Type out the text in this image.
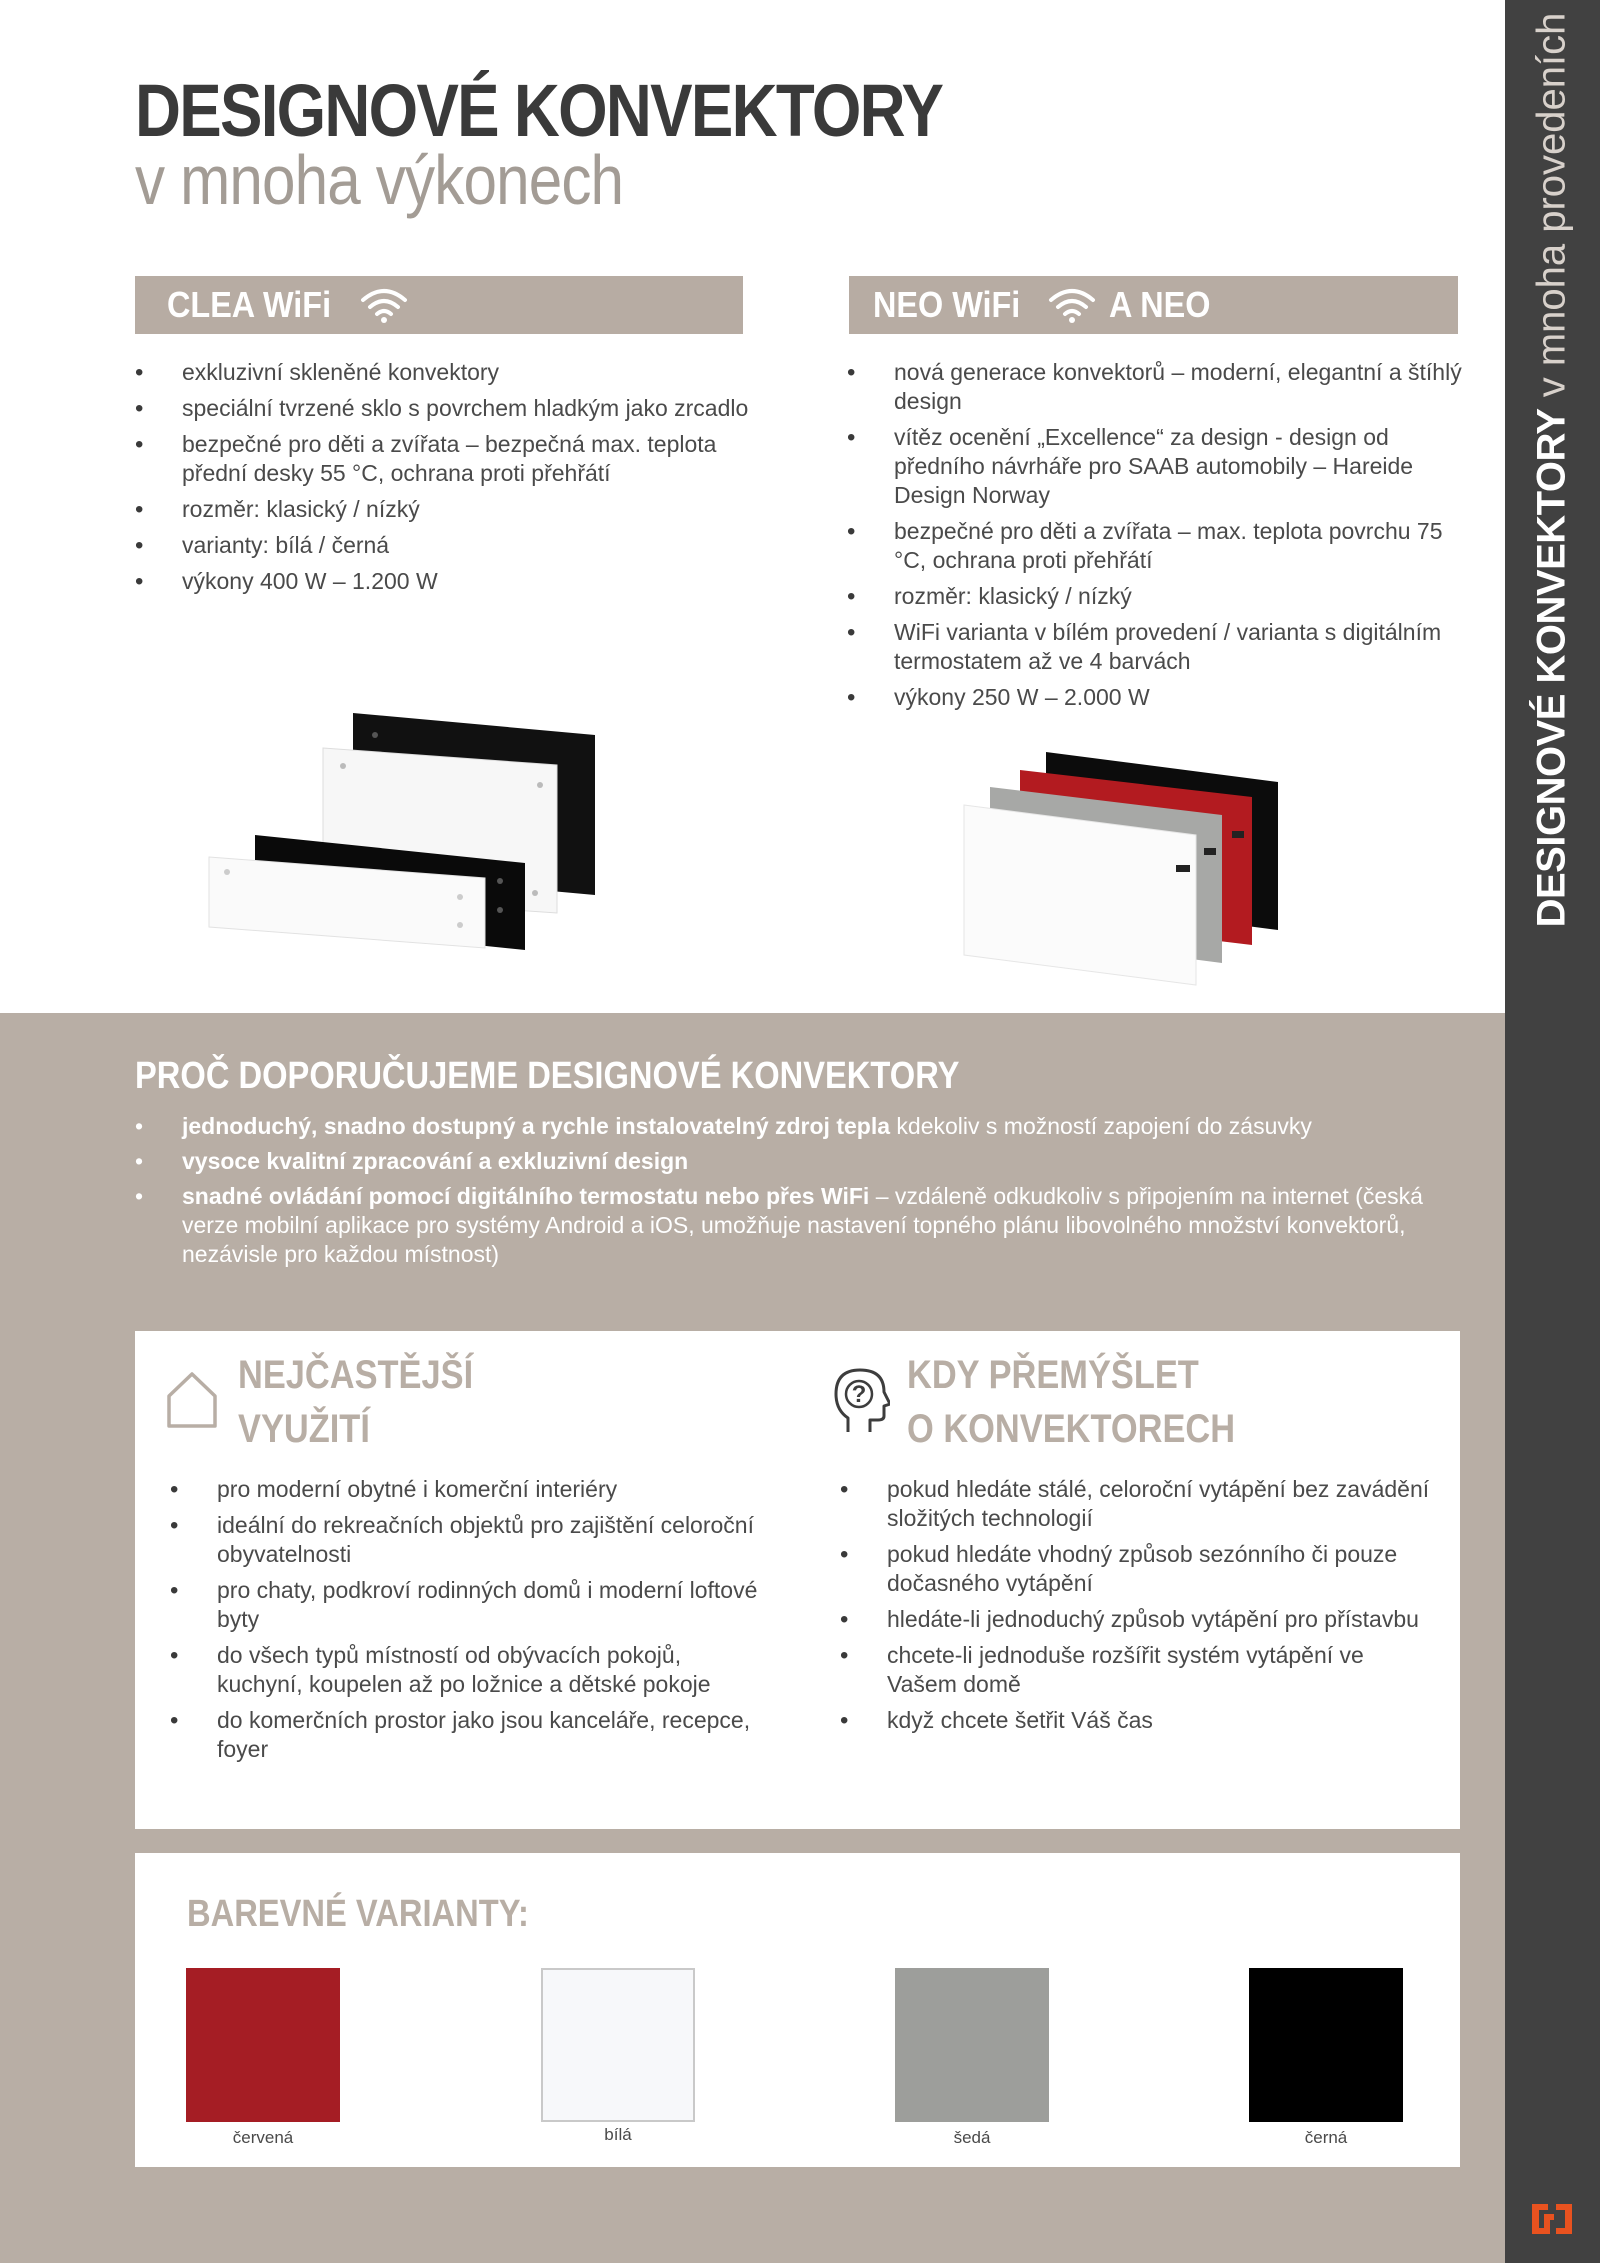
DESIGNOVÉ KONVEKTORY v mnoha provedeních
DESIGNOVÉ KONVEKTORY
v mnoha výkonech
CLEA WiFi
• exkluzivní skleněné konvektory
• speciální tvrzené sklo s povrchem hladkým jako zrcadlo
• bezpečné pro děti a zvířata – bezpečná max. teplota přední desky 55 °C, ochrana proti přehřátí
• rozměr: klasický / nízký
• varianty: bílá / černá
• výkony 400 W – 1.200 W
NEO WiFi A NEO
• nová generace konvektorů – moderní, elegantní a štíhlý design
• vítěz ocenění „Excellence“ za design - design od předního návrháře pro SAAB automobily – Hareide Design Norway
• bezpečné pro děti a zvířata – max. teplota povrchu 75 °C, ochrana proti přehřátí
• rozměr: klasický / nízký
• WiFi varianta v bílém provedení / varianta s digitálním termostatem až ve 4 barvách
• výkony 250 W – 2.000 W
PROČ DOPORUČUJEME DESIGNOVÉ KONVEKTORY
• jednoduchý, snadno dostupný a rychle instalovatelný zdroj tepla kdekoliv s možností zapojení do zásuvky
• vysoce kvalitní zpracování a exkluzivní design
• snadné ovládání pomocí digitálního termostatu nebo přes WiFi – vzdáleně odkudkoliv s připojením na internet (česká verze mobilní aplikace pro systémy Android a iOS, umožňuje nastavení topného plánu libovolného množství konvektorů, nezávisle pro každou místnost)
NEJČASTĚJŠÍ
VYUŽITÍ
? KDY PŘEMÝŠLET
O KONVEKTORECH
• pro moderní obytné i komerční interiéry
• ideální do rekreačních objektů pro zajištění celoroční obyvatelnosti
• pro chaty, podkroví rodinných domů i moderní loftové byty
• do všech typů místností od obývacích pokojů, kuchyní, koupelen až po ložnice a dětské pokoje
• do komerčních prostor jako jsou kanceláře, recepce, foyer
• pokud hledáte stálé, celoroční vytápění bez zavádění složitých technologií
• pokud hledáte vhodný způsob sezónního či pouze dočasného vytápění
• hledáte-li jednoduchý způsob vytápění pro přístavbu
• chcete-li jednoduše rozšířit systém vytápění ve Vašem domě
• když chcete šetřit Váš čas
BAREVNÉ VARIANTY:
červená	bílá	šedá	černá
